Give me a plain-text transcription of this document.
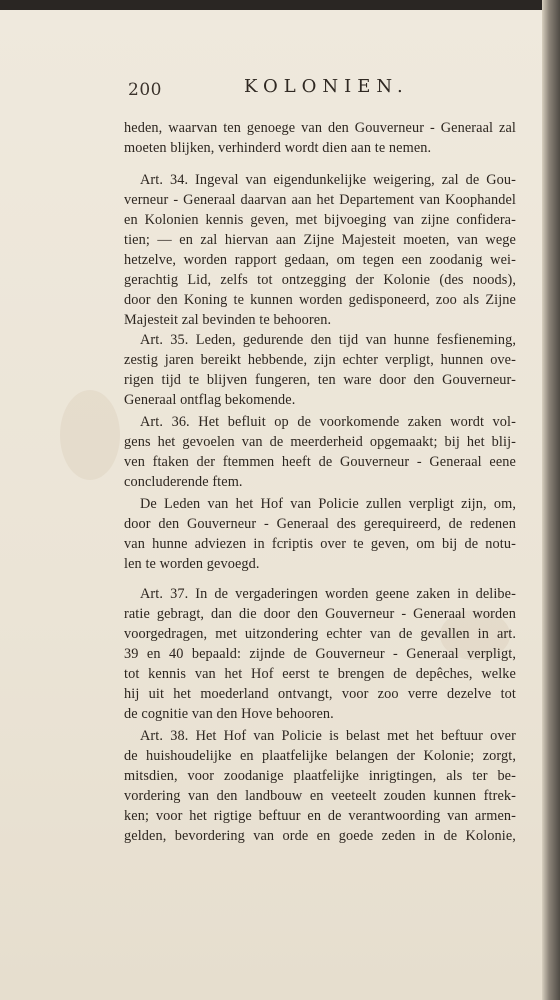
200	KOLONIEN.
heden, waarvan ten genoege van den Gouverneur - Generaal zal
moeten blijken, verhinderd wordt dien aan te nemen.
Art. 34. Ingeval van eigendunkelijke weigering, zal de Gou-
verneur - Generaal daarvan aan het Departement van Koophandel
en Kolonien kennis geven, met bijvoeging van zijne confidera-
tien; — en zal hiervan aan Zijne Majesteit moeten, van wege
hetzelve, worden rapport gedaan, om tegen een zoodanig wei-
gerachtig Lid, zelfs tot ontzegging der Kolonie (des noods),
door den Koning te kunnen worden gedisponeerd, zoo als Zijne
Majesteit zal bevinden te behooren.
Art. 35. Leden, gedurende den tijd van hunne fesfieneming,
zestig jaren bereikt hebbende, zijn echter verpligt, hunnen ove-
rigen tijd te blijven fungeren, ten ware door den Gouverneur-
Generaal ontflag bekomende.
Art. 36. Het befluit op de voorkomende zaken wordt vol-
gens het gevoelen van de meerderheid opgemaakt; bij het blij-
ven ftaken der ftemmen heeft de Gouverneur - Generaal eene
concluderende ftem.
De Leden van het Hof van Policie zullen verpligt zijn, om,
door den Gouverneur - Generaal des gerequireerd, de redenen
van hunne adviezen in fcriptis over te geven, om bij de notu-
len te worden gevoegd.
Art. 37. In de vergaderingen worden geene zaken in delibe-
ratie gebragt, dan die door den Gouverneur - Generaal worden
voorgedragen, met uitzondering echter van de gevallen in art.
39 en 40 bepaald: zijnde de Gouverneur - Generaal verpligt,
tot kennis van het Hof eerst te brengen de depêches, welke
hij uit het moederland ontvangt, voor zoo verre dezelve tot
de cognitie van den Hove behooren.
Art. 38. Het Hof van Policie is belast met het beftuur over
de huishoudelijke en plaatfelijke belangen der Kolonie; zorgt,
mitsdien, voor zoodanige plaatfelijke inrigtingen, als ter be-
vordering van den landbouw en veeteelt zouden kunnen ftrek-
ken; voor het rigtige beftuur en de verantwoording van armen-
gelden, bevordering van orde en goede zeden in de Kolonie,
